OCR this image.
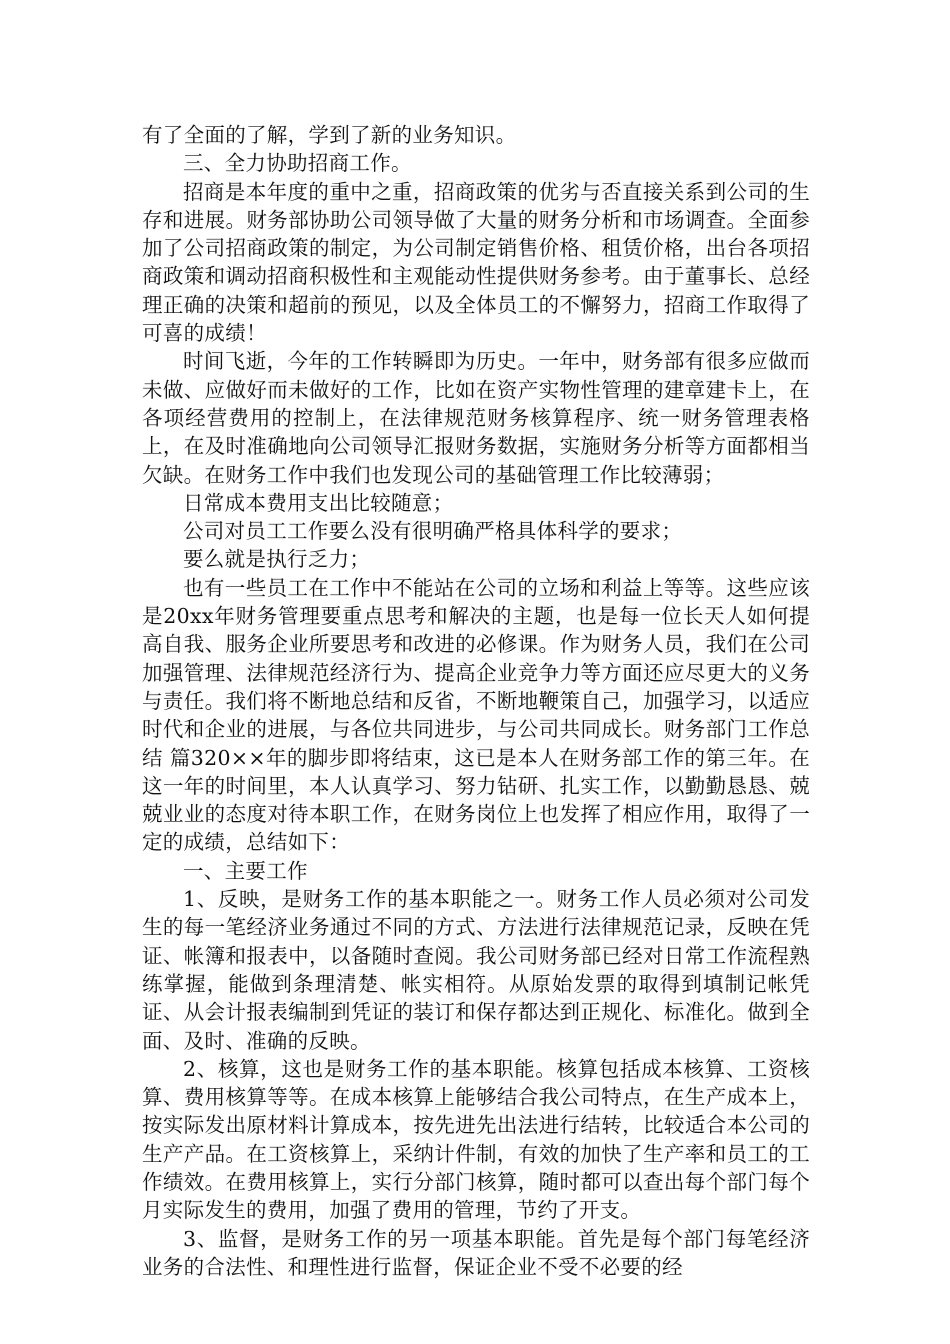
有了全面的了解，学到了新的业务知识。

三、全力协助招商工作。

招商是本年度的重中之重，招商政策的优劣与否直接关系到公司的生存和进展。财务部协助公司领导做了大量的财务分析和市场调查。全面参加了公司招商政策的制定，为公司制定销售价格、租赁价格，出台各项招商政策和调动招商积极性和主观能动性提供财务参考。由于董事长、总经理正确的决策和超前的预见，以及全体员工的不懈努力，招商工作取得了可喜的成绩！

时间飞逝，今年的工作转瞬即为历史。一年中，财务部有很多应做而未做、应做好而未做好的工作，比如在资产实物性管理的建章建卡上，在各项经营费用的控制上，在法律规范财务核算程序、统一财务管理表格上，在及时准确地向公司领导汇报财务数据，实施财务分析等方面都相当欠缺。在财务工作中我们也发现公司的基础管理工作比较薄弱；

日常成本费用支出比较随意；

公司对员工工作要么没有很明确严格具体科学的要求；

要么就是执行乏力；

也有一些员工在工作中不能站在公司的立场和利益上等等。这些应该是20xx年财务管理要重点思考和解决的主题，也是每一位长天人如何提高自我、服务企业所要思考和改进的必修课。作为财务人员，我们在公司加强管理、法律规范经济行为、提高企业竞争力等方面还应尽更大的义务与责任。我们将不断地总结和反省，不断地鞭策自己，加强学习，以适应时代和企业的进展，与各位共同进步，与公司共同成长。财务部门工作总结 篇320××年的脚步即将结束，这已是本人在财务部工作的第三年。在这一年的时间里，本人认真学习、努力钻研、扎实工作，以勤勤恳恳、兢兢业业的态度对待本职工作，在财务岗位上也发挥了相应作用，取得了一定的成绩，总结如下：

一、主要工作

1、反映，是财务工作的基本职能之一。财务工作人员必须对公司发生的每一笔经济业务通过不同的方式、方法进行法律规范记录，反映在凭证、帐簿和报表中，以备随时查阅。我公司财务部已经对日常工作流程熟练掌握，能做到条理清楚、帐实相符。从原始发票的取得到填制记帐凭证、从会计报表编制到凭证的装订和保存都达到正规化、标准化。做到全面、及时、准确的反映。

2、核算，这也是财务工作的基本职能。核算包括成本核算、工资核算、费用核算等等。在成本核算上能够结合我公司特点，在生产成本上，按实际发出原材料计算成本，按先进先出法进行结转，比较适合本公司的生产产品。在工资核算上，采纳计件制，有效的加快了生产率和员工的工作绩效。在费用核算上，实行分部门核算，随时都可以查出每个部门每个月实际发生的费用，加强了费用的管理，节约了开支。

3、监督，是财务工作的另一项基本职能。首先是每个部门每笔经济业务的合法性、和理性进行监督，保证企业不受不必要的经
